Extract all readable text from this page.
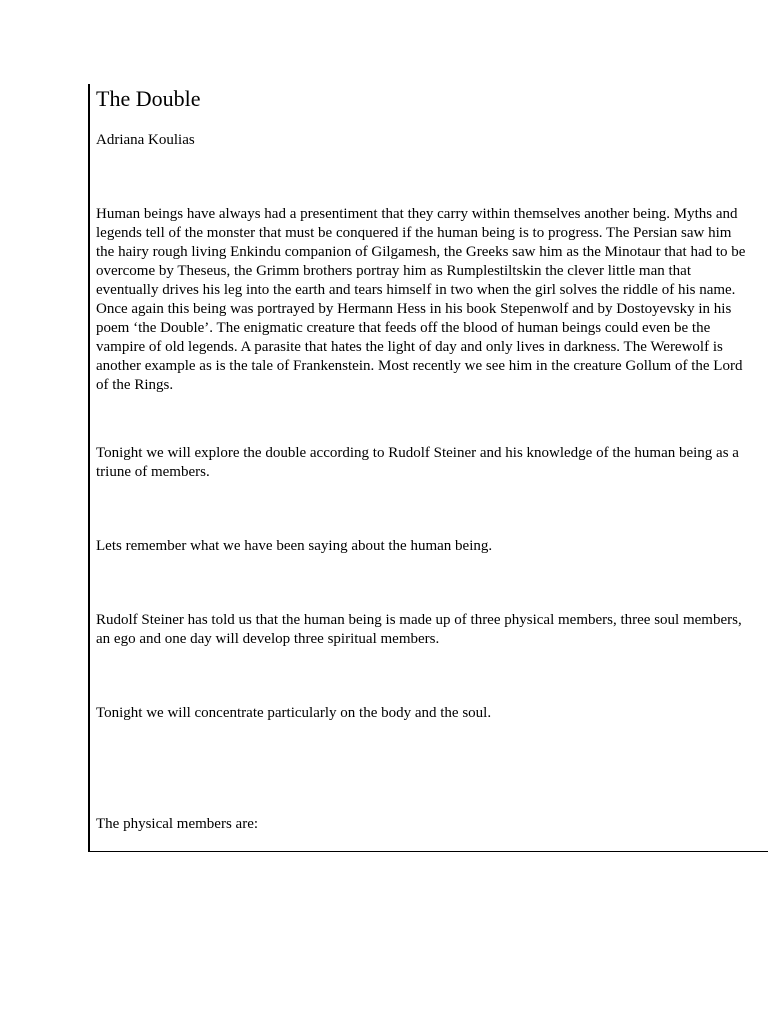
The Double

Adriana Koulias

Human beings have always had a presentiment that they carry within themselves another being. Myths and
legends tell of the monster that must be conquered if the human being is to progress. The Persian saw him
the hairy rough living Enkindu companion of Gilgamesh, the Greeks saw him as the Minotaur that had to be
overcome by Theseus, the Grimm brothers portray him as Rumplestiltskin the clever little man that
eventually drives his leg into the earth and tears himself in two when the girl solves the riddle of his name.
Once again this being was portrayed by Hermann Hess in his book Stepenwolf and by Dostoyevsky in his
poem ‘the Double’. The enigmatic creature that feeds off the blood of human beings could even be the
vampire of old legends. A parasite that hates the light of day and only lives in darkness. The Werewolf is
another example as is the tale of Frankenstein. Most recently we see him in the creature Gollum of the Lord
of the Rings.

Tonight we will explore the double according to Rudolf Steiner and his knowledge of the human being as a
triune of members.

Lets remember what we have been saying about the human being.

Rudolf Steiner has told us that the human being is made up of three physical members, three soul members,
an ego and one day will develop three spiritual members.

Tonight we will concentrate particularly on the body and the soul.

The physical members are:
